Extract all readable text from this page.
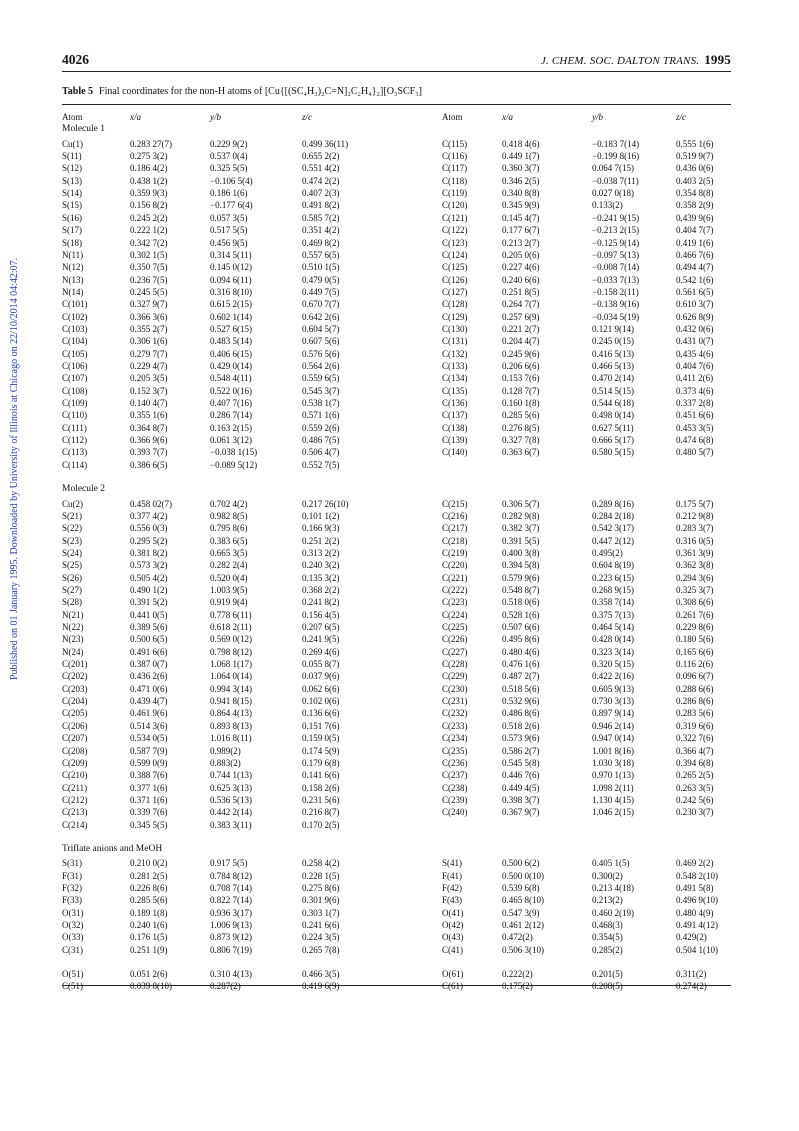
4026	J. CHEM. SOC. DALTON TRANS. 1995
Published on 01 January 1995. Downloaded by University of Illinois at Chicago on 22/10/2014 04:42:07.
Table 5 Final coordinates for the non-H atoms of [Cu{[(SC₄H₃)₂C=N]₂C₂H₄}₂][O₃SCF₃]
Atom	x/a	y/b	z/c	Atom	x/a	y/b	z/c
Molecule 1
Cu(1)	0.283 27(7)	0.229 9(2)	0.499 36(11)	C(115)	0.418 4(6)	−0.183 7(14)	0.555 1(6)
S(11)	0.275 3(2)	0.537 0(4)	0.655 2(2)	C(116)	0.449 1(7)	−0.199 8(16)	0.519 9(7)
S(12)	0.186 4(2)	0.325 5(5)	0.551 4(2)	C(117)	0.360 3(7)	0.064 7(15)	0.436 0(6)
S(13)	0.438 1(2)	−0.106 5(4)	0.474 2(2)	C(118)	0.346 2(5)	−0.038 7(11)	0.403 2(5)
S(14)	0.359 9(3)	0.186 1(6)	0.407 2(3)	C(119)	0.340 8(8)	0.027 0(18)	0.354 8(8)
S(15)	0.156 8(2)	−0.177 6(4)	0.491 8(2)	C(120)	0.345 9(9)	0.133(2)	0.358 2(9)
S(16)	0.245 2(2)	0.057 3(5)	0.585 7(2)	C(121)	0.145 4(7)	−0.241 9(15)	0.439 9(6)
S(17)	0.222 1(2)	0.517 5(5)	0.351 4(2)	C(122)	0.177 6(7)	−0.213 2(15)	0.404 7(7)
S(18)	0.342 7(2)	0.456 9(5)	0.469 8(2)	C(123)	0.213 2(7)	−0.125 9(14)	0.419 1(6)
N(11)	0.302 1(5)	0.314 5(11)	0.557 6(5)	C(124)	0.205 0(6)	−0.097 5(13)	0.466 7(6)
N(12)	0.350 7(5)	0.145 0(12)	0.510 1(5)	C(125)	0.227 4(6)	−0.008 7(14)	0.494 4(7)
N(13)	0.236 7(5)	0.094 6(11)	0.479 0(5)	C(126)	0.240 6(6)	−0.033 7(13)	0.542 1(6)
N(14)	0.245 5(5)	0.316 8(10)	0.449 7(5)	C(127)	0.251 8(5)	−0.158 2(11)	0.561 6(5)
C(101)	0.327 9(7)	0.615 2(15)	0.670 7(7)	C(128)	0.264 7(7)	−0.138 9(16)	0.610 3(7)
C(102)	0.366 3(6)	0.602 1(14)	0.642 2(6)	C(129)	0.257 6(9)	−0.034 5(19)	0.626 8(9)
C(103)	0.355 2(7)	0.527 6(15)	0.604 5(7)	C(130)	0.221 2(7)	0.121 9(14)	0.432 0(6)
C(104)	0.306 1(6)	0.483 5(14)	0.607 5(6)	C(131)	0.204 4(7)	0.245 0(15)	0.431 0(7)
C(105)	0.279 7(7)	0.406 6(15)	0.576 5(6)	C(132)	0.245 9(6)	0.416 5(13)	0.435 4(6)
C(106)	0.229 4(7)	0.429 0(14)	0.564 2(6)	C(133)	0.206 6(6)	0.466 5(13)	0.404 7(6)
C(107)	0.205 3(5)	0.548 4(11)	0.559 6(5)	C(134)	0.153 7(6)	0.470 2(14)	0.411 2(6)
C(108)	0.152 3(7)	0.522 0(16)	0.545 3(7)	C(135)	0.128 7(7)	0.514 5(15)	0.373 4(6)
C(109)	0.140 4(7)	0.407 7(16)	0.538 1(7)	C(136)	0.160 1(8)	0.544 6(18)	0.337 2(8)
C(110)	0.355 1(6)	0.286 7(14)	0.571 1(6)	C(137)	0.285 5(6)	0.498 0(14)	0.451 6(6)
C(111)	0.364 8(7)	0.163 2(15)	0.559 2(6)	C(138)	0.276 8(5)	0.627 5(11)	0.453 3(5)
C(112)	0.366 9(6)	0.061 3(12)	0.486 7(5)	C(139)	0.327 7(8)	0.666 5(17)	0.474 6(8)
C(113)	0.393 7(7)	−0.038 1(15)	0.506 4(7)	C(140)	0.363 6(7)	0.580 5(15)	0.480 5(7)
C(114)	0.386 6(5)	−0.089 5(12)	0.552 7(5)
Molecule 2
Cu(2)	0.458 02(7)	0.702 4(2)	0.217 26(10)	C(215)	0.306 5(7)	0.289 8(16)	0.175 5(7)
S(21)	0.377 4(2)	0.982 8(5)	0.101 1(2)	C(216)	0.282 9(8)	0.284 2(18)	0.212 9(8)
S(22)	0.556 0(3)	0.795 8(6)	0.166 9(3)	C(217)	0.382 3(7)	0.542 3(17)	0.283 3(7)
S(23)	0.295 5(2)	0.383 6(5)	0.251 2(2)	C(218)	0.391 5(5)	0.447 2(12)	0.316 0(5)
S(24)	0.381 8(2)	0.665 3(5)	0.313 2(2)	C(219)	0.400 3(8)	0.495(2)	0.361 3(9)
S(25)	0.573 3(2)	0.282 2(4)	0.240 3(2)	C(220)	0.394 5(8)	0.604 8(19)	0.362 3(8)
S(26)	0.505 4(2)	0.520 0(4)	0.135 3(2)	C(221)	0.579 9(6)	0.223 6(15)	0.294 3(6)
S(27)	0.490 1(2)	1.003 9(5)	0.368 2(2)	C(222)	0.548 8(7)	0.268 9(15)	0.325 3(7)
S(28)	0.391 5(2)	0.919 9(4)	0.241 8(2)	C(223)	0.518 0(6)	0.358 7(14)	0.308 6(6)
N(21)	0.441 0(5)	0.778 6(11)	0.156 4(5)	C(224)	0.528 1(6)	0.375 7(13)	0.261 7(6)
N(22)	0.389 5(6)	0.618 2(11)	0.207 6(5)	C(225)	0.507 6(6)	0.464 5(14)	0.229 8(6)
N(23)	0.500 6(5)	0.569 0(12)	0.241 9(5)	C(226)	0.495 8(6)	0.428 0(14)	0.180 5(6)
N(24)	0.491 6(6)	0.798 8(12)	0.269 4(6)	C(227)	0.480 4(6)	0.323 3(14)	0.165 6(6)
C(201)	0.387 0(7)	1.068 1(17)	0.055 8(7)	C(228)	0.476 1(6)	0.320 5(15)	0.116 2(6)
C(202)	0.436 2(6)	1.064 0(14)	0.037 9(6)	C(229)	0.487 2(7)	0.422 2(16)	0.096 6(7)
C(203)	0.471 0(6)	0.994 3(14)	0.062 6(6)	C(230)	0.518 5(6)	0.605 9(13)	0.288 6(6)
C(204)	0.439 4(7)	0.941 8(15)	0.102 0(6)	C(231)	0.532 9(6)	0.730 3(13)	0.286 8(6)
C(205)	0.461 9(6)	0.864 4(13)	0.136 6(6)	C(232)	0.486 8(6)	0.897 9(14)	0.283 5(6)
C(206)	0.514 3(6)	0.893 8(13)	0.151 7(6)	C(233)	0.518 2(6)	0.946 2(14)	0.319 6(6)
C(207)	0.534 0(5)	1.016 8(11)	0.159 0(5)	C(234)	0.573 9(6)	0.947 0(14)	0.322 7(6)
C(208)	0.587 7(9)	0.989(2)	0.174 5(9)	C(235)	0.586 2(7)	1.001 8(16)	0.366 4(7)
C(209)	0.599 0(9)	0.883(2)	0.179 6(8)	C(236)	0.545 5(8)	1.030 3(18)	0.394 6(8)
C(210)	0.388 7(6)	0.744 1(13)	0.141 6(6)	C(237)	0.446 7(6)	0.970 1(13)	0.265 2(5)
C(211)	0.377 1(6)	0.625 3(13)	0.158 2(6)	C(238)	0.449 4(5)	1.098 2(11)	0.263 3(5)
C(212)	0.371 1(6)	0.536 5(13)	0.231 5(6)	C(239)	0.398 3(7)	1.130 4(15)	0.242 5(6)
C(213)	0.339 7(6)	0.442 2(14)	0.216 8(7)	C(240)	0.367 9(7)	1.046 2(15)	0.230 3(7)
C(214)	0.345 5(5)	0.383 3(11)	0.170 2(5)
Triflate anions and MeOH
S(31)	0.210 0(2)	0.917 5(5)	0.258 4(2)	S(41)	0.500 6(2)	0.405 1(5)	0.469 2(2)
F(31)	0.281 2(5)	0.784 8(12)	0.228 1(5)	F(41)	0.500 0(10)	0.300(2)	0.548 2(10)
F(32)	0.226 8(6)	0.708 7(14)	0.275 8(6)	F(42)	0.539 6(8)	0.213 4(18)	0.491 5(8)
F(33)	0.285 5(6)	0.822 7(14)	0.301 9(6)	F(43)	0.465 8(10)	0.213(2)	0.496 9(10)
O(31)	0.189 1(8)	0.936 3(17)	0.303 1(7)	O(41)	0.547 3(9)	0.460 2(19)	0.480 4(9)
O(32)	0.240 1(6)	1.006 9(13)	0.241 6(6)	O(42)	0.461 2(12)	0.468(3)	0.491 4(12)
O(33)	0.176 1(5)	0.873 9(12)	0.224 3(5)	O(43)	0.472(2)	0.354(5)	0.429(2)
C(31)	0.251 1(9)	0.806 7(19)	0.265 7(8)	C(41)	0.506 3(10)	0.285(2)	0.504 1(10)
O(51)	0.051 2(6)	0.310 4(13)	0.466 3(5)	O(61)	0.222(2)	0.201(5)	0.311(2)
C(51)	0.039 8(10)	0.287(2)	0.419 6(9)	C(61)	0.175(2)	0.208(5)	0.274(2)
